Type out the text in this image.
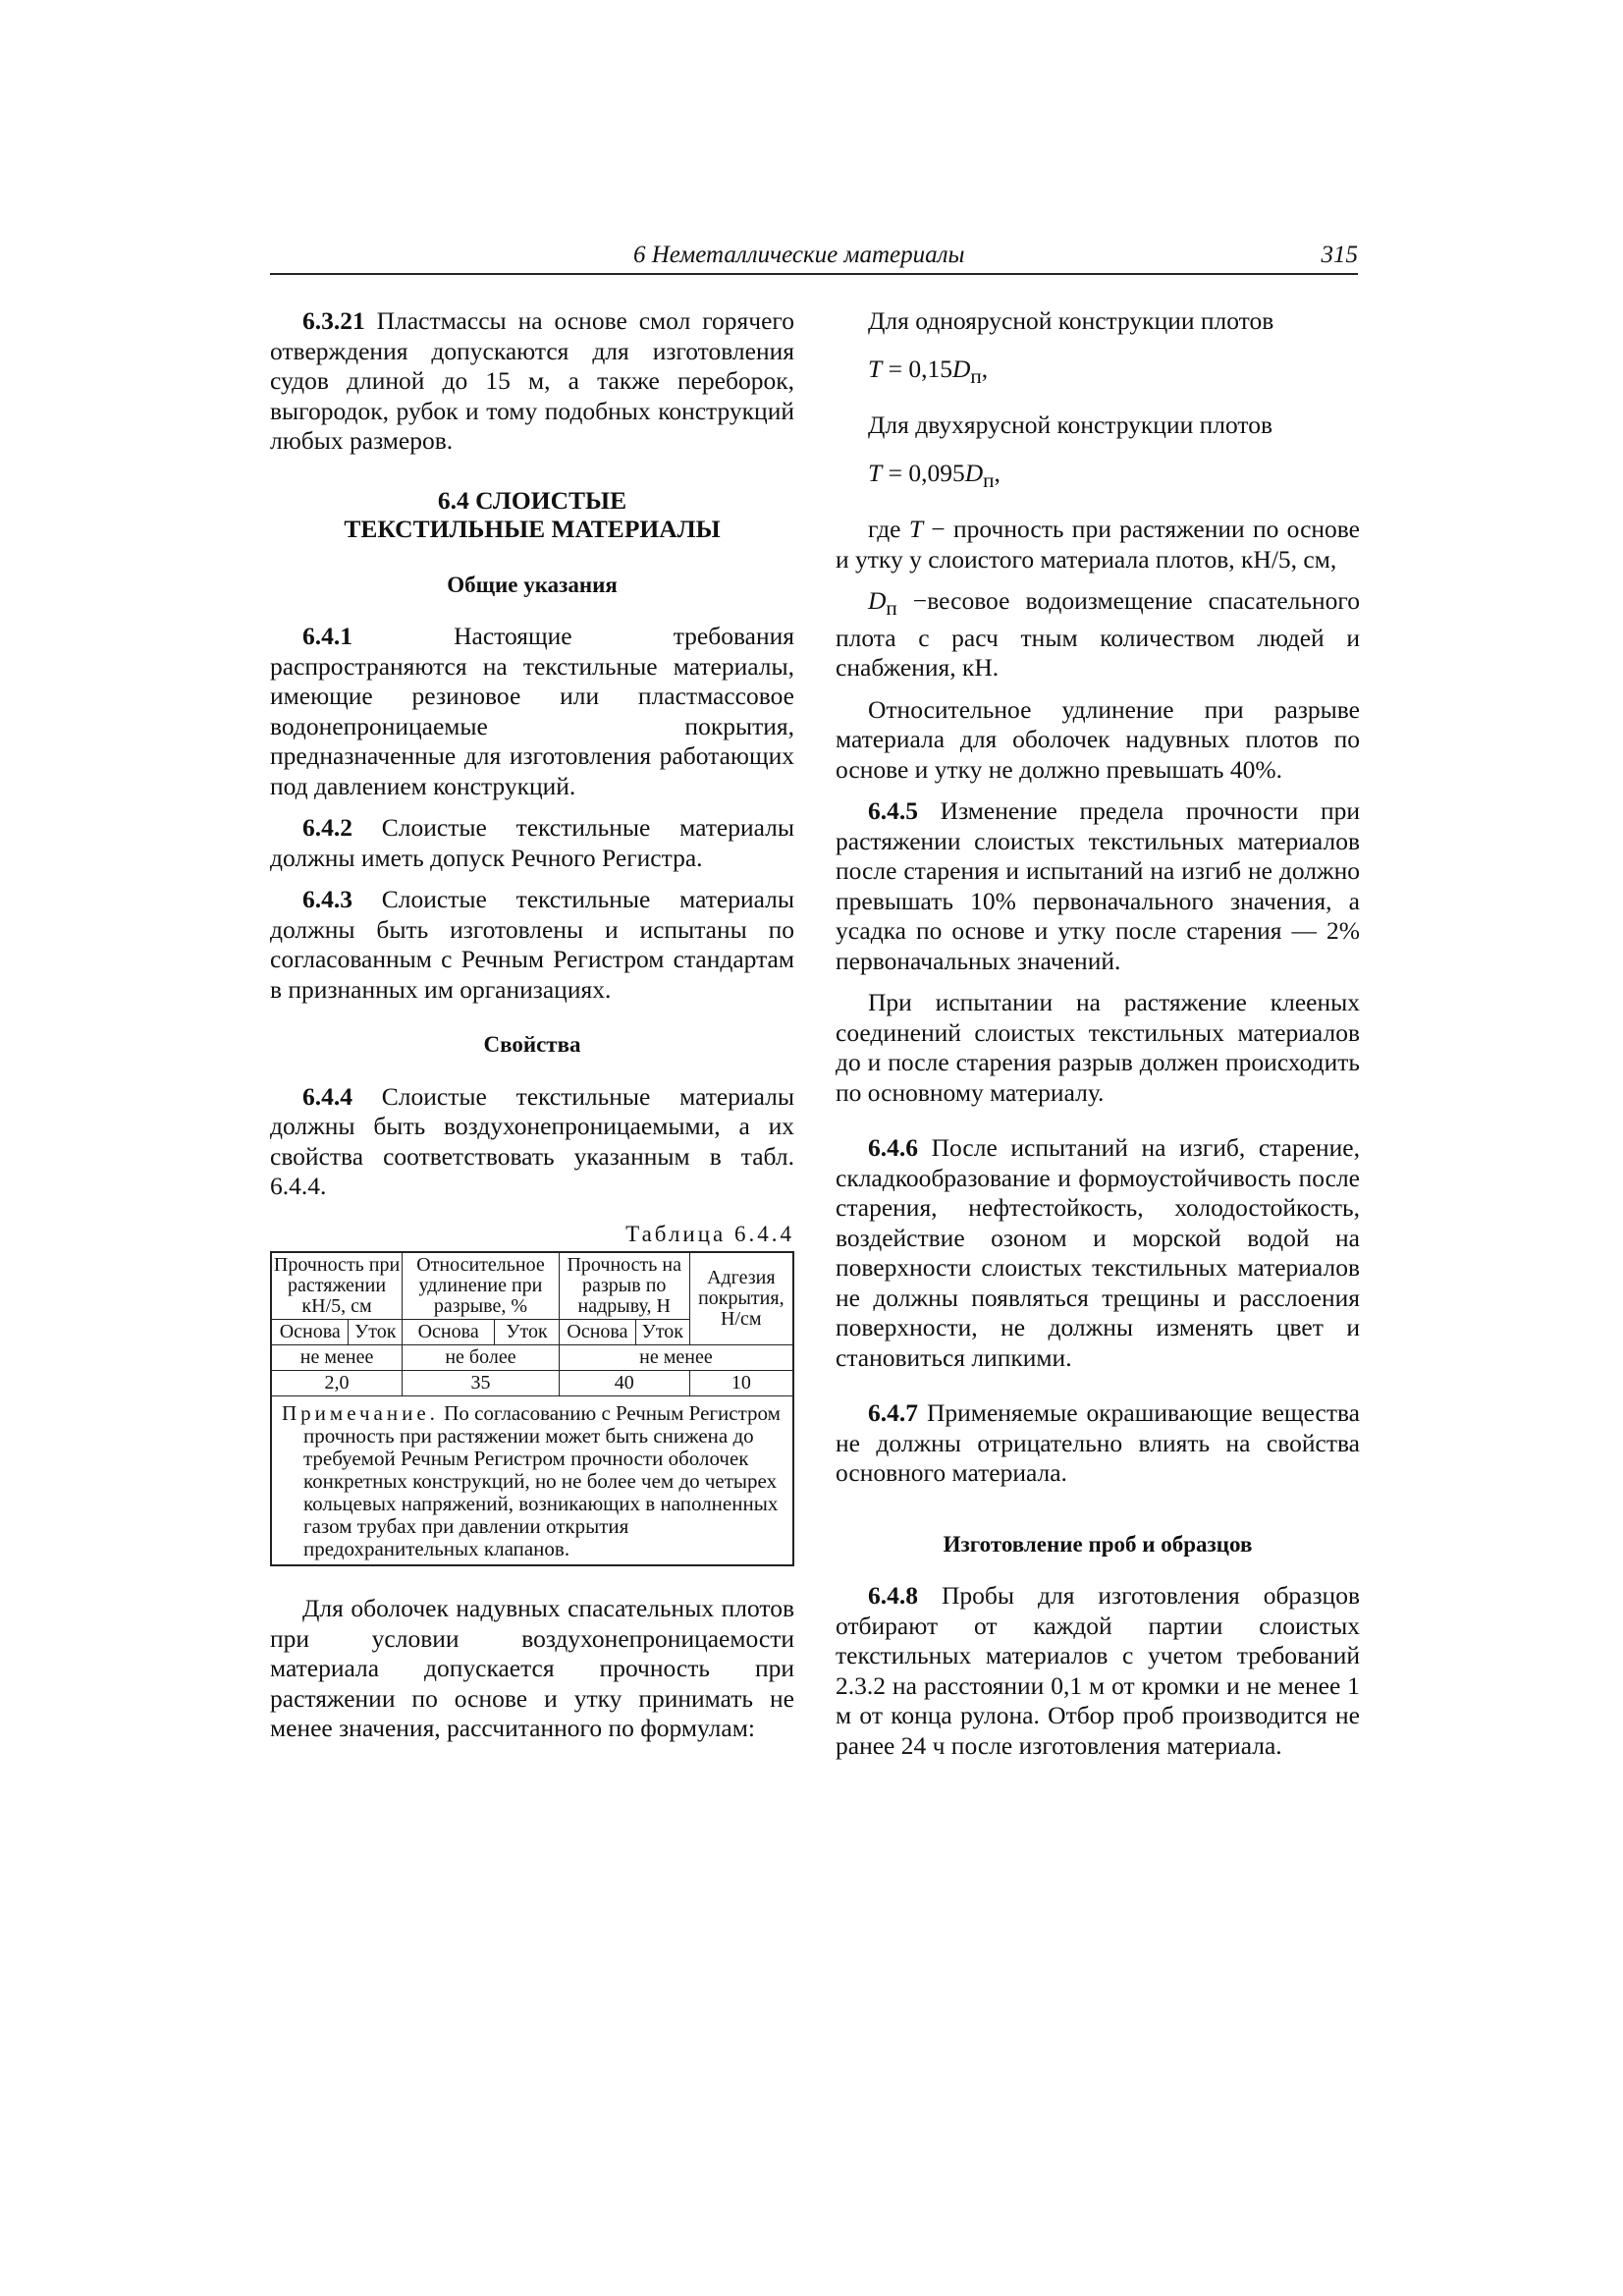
6 Неметаллические материалы	315

6.3.21 Пластмассы на основе смол горячего отверждения допускаются для изготовления судов длиной до 15 м, а также переборок, выгородок, рубок и тому подобных конструкций любых размеров.

6.4 СЛОИСТЫЕ
ТЕКСТИЛЬНЫЕ МАТЕРИАЛЫ
Общие указания

6.4.1 Настоящие требования распространяются на текстильные материалы, имеющие резиновое или пластмассовое водонепроницаемые покрытия, предназначенные для изготовления работающих под давлением конструкций.

6.4.2 Слоистые текстильные материалы должны иметь допуск Речного Регистра.

6.4.3 Слоистые текстильные материалы должны быть изготовлены и испытаны по согласованным с Речным Регистром стандартам в признанных им организациях.

Свойства

6.4.4 Слоистые текстильные материалы должны быть воздухонепроницаемыми, а их свойства соответствовать указанным в табл. 6.4.4.

Таблица 6.4.4
Прочность при растяжении кН/5, см		Относительное удлинение при разрыве, %		Прочность на разрыв по надрыву, Н		Адгезия покрытия, Н/см
Основа	Уток	Основа	Уток	Основа	Уток	
не менее		не более		не менее		
2,0		35		40		10

Примечание. По согласованию с Речным Регистром прочность при растяжении может быть снижена до требуемой Речным Регистром прочности оболочек конкретных конструкций, но не более чем до четырех кольцевых напряжений, возникающих в наполненных газом трубах при давлении открытия предохранительных клапанов.						

Для оболочек надувных спасательных плотов при условии воздухонепроницаемости материала допускается прочность при растяжении по основе и утку принимать не менее значения, рассчитанного по формулам:

Для одноярусной конструкции плотов

$T = 0,15D_п$,

Для двухярусной конструкции плотов

$T = 0,095D_п$,

где T − прочность при растяжении по основе и утку у слоистого материала плотов, кН/5, см,

$D_п$ −весовое водоизмещение спасательного плота с расч тным количеством людей и снабжения, кН.

Относительное удлинение при разрыве материала для оболочек надувных плотов по основе и утку не должно превышать 40%.

6.4.5 Изменение предела прочности при растяжении слоистых текстильных материалов после старения и испытаний на изгиб не должно превышать 10% первоначального значения, а усадка по основе и утку после старения — 2% первоначальных значений.

При испытании на растяжение клееных соединений слоистых текстильных материалов до и после старения разрыв должен происходить по основному материалу.

6.4.6 После испытаний на изгиб, старение, складкообразование и формоустойчивость после старения, нефтестойкость, холодостойкость, воздействие озоном и морской водой на поверхности слоистых текстильных материалов не должны появляться трещины и расслоения поверхности, не должны изменять цвет и становиться липкими.

6.4.7 Применяемые окрашивающие вещества не должны отрицательно влиять на свойства основного материала.

Изготовление проб и образцов

6.4.8 Пробы для изготовления образцов отбирают от каждой партии слоистых текстильных материалов с учетом требований 2.3.2 на расстоянии 0,1 м от кромки и не менее 1 м от конца рулона. Отбор проб производится не ранее 24 ч после изготовления материала.
